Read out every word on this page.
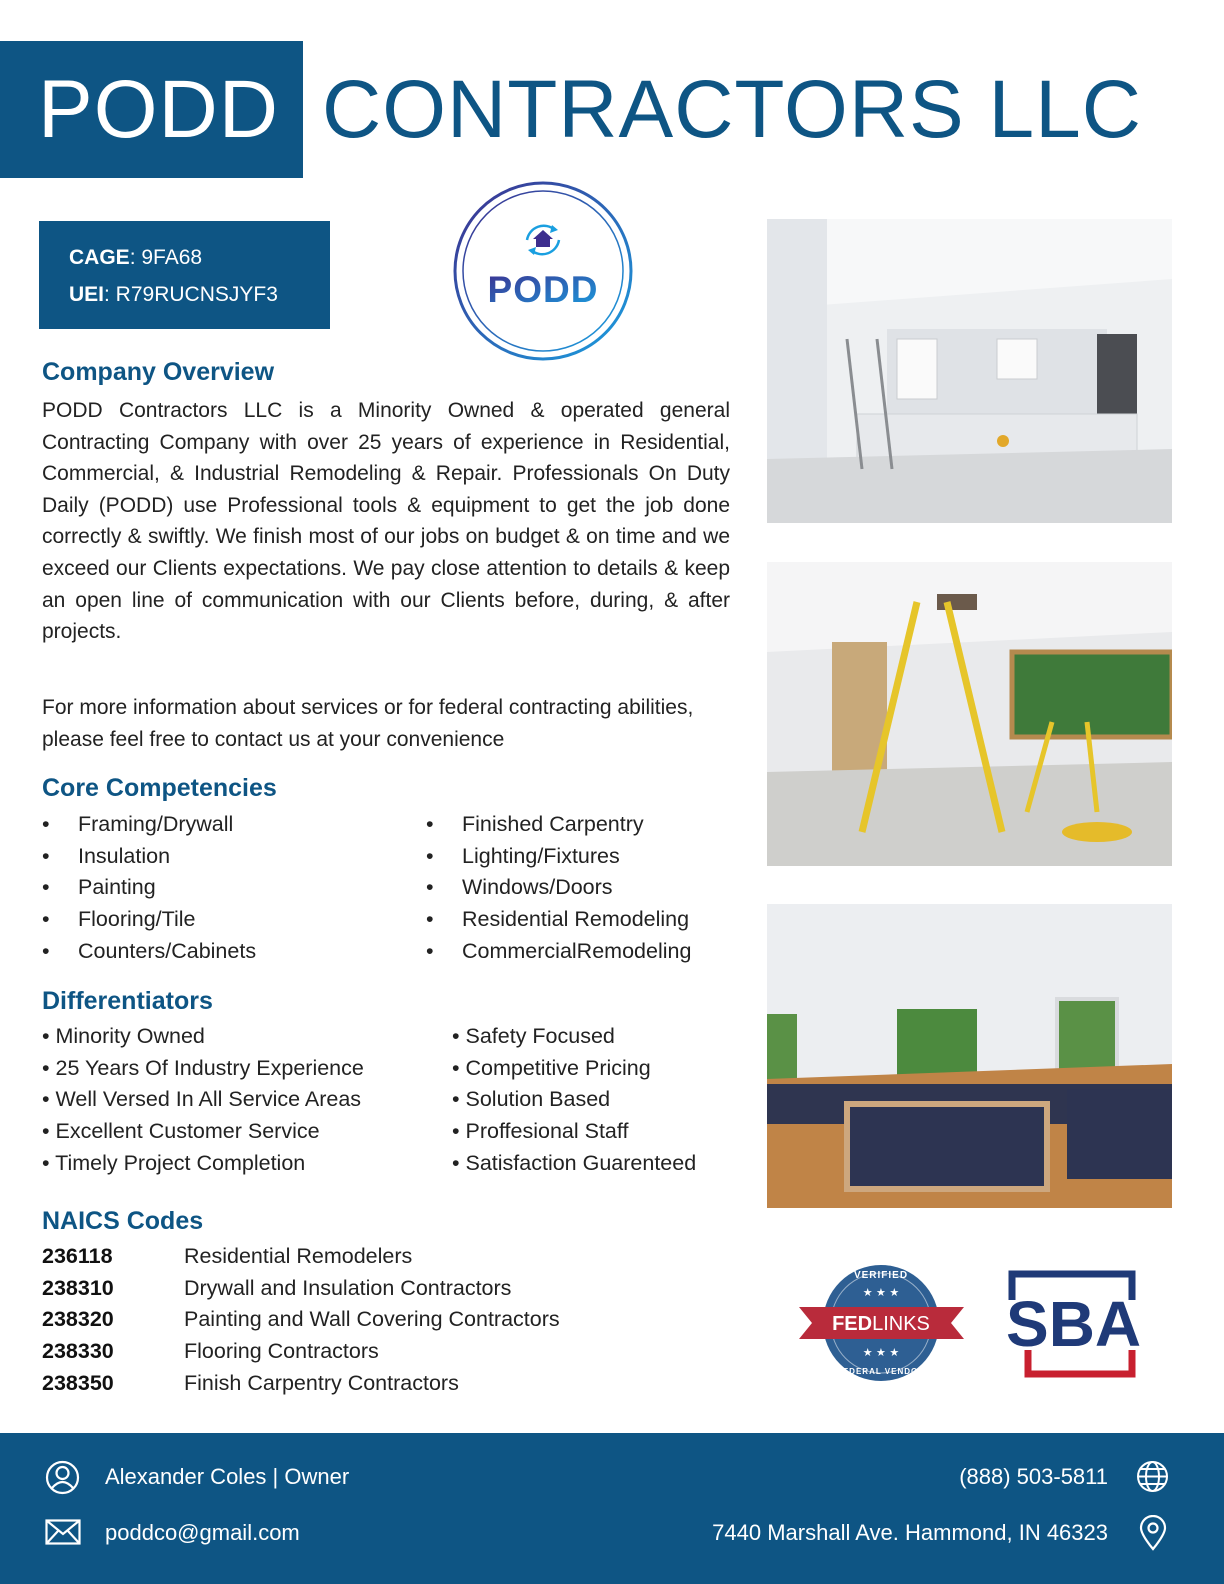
PODD CONTRACTORS LLC
CAGE: 9FA68
UEI: R79RUCNSJYF3	PODD
Company Overview
PODD Contractors LLC is a Minority Owned & operated general Contracting Company with over 25 years of experience in Residential, Commercial, & Industrial Remodeling & Repair. Professionals On Duty Daily (PODD) use Professional tools & equipment to get the job done correctly & swiftly. We finish most of our jobs on budget & on time and we exceed our Clients expectations. We pay close attention to details & keep an open line of communication with our Clients before, during, & after projects.
For more information about services or for federal contracting abilities, please feel free to contact us at your convenience
Core Competencies
• Framing/Drywall
• Insulation
• Painting
• Flooring/Tile
• Counters/Cabinets
• Finished Carpentry
• Lighting/Fixtures
• Windows/Doors
• Residential Remodeling
• CommercialRemodeling
Differentiators
• Minority Owned
• 25 Years Of Industry Experience
• Well Versed In All Service Areas
• Excellent Customer Service
• Timely Project Completion
• Safety Focused
• Competitive Pricing
• Solution Based
• Proffesional Staff
• Satisfaction Guarenteed
NAICS Codes
236118	Residential Remodelers
238310	Drywall and Insulation Contractors
238320	Painting and Wall Covering Contractors
238330	Flooring Contractors
238350	Finish Carpentry Contractors
VERIFIED
★ ★ ★
FEDLINKS
★ ★ ★
FEDERAL VENDOR
SBA
Alexander Coles | Owner
poddco@gmail.com
(888) 503-5811
7440 Marshall Ave. Hammond, IN 46323
